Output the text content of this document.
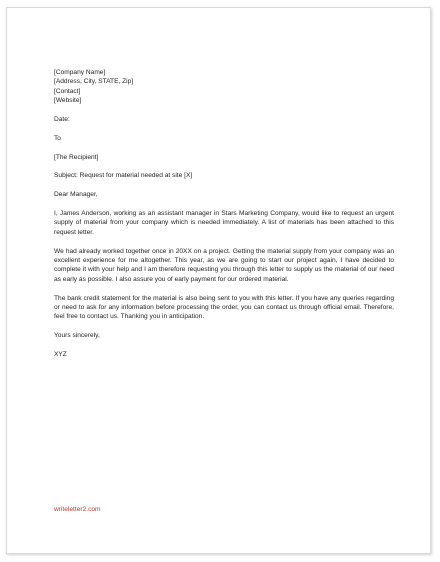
[Company Name]
[Address, City, STATE, Zip]
[Contact]
[Website]
Date:
To
[The Recipient]
Subject: Request for material needed at site [X]
Dear Manager,

I, James Anderson, working as an assistant manager in Stars Marketing Company, would like to request an urgent supply of material from your company which is needed immediately. A list of materials has been attached to this request letter.

We had already worked together once in 20XX on a project. Getting the material supply from your company was an excellent experience for me altogether. This year, as we are going to start our project again, I have decided to complete it with your help and I am therefore requesting you through this letter to supply us the material of our need as early as possible. I also assure you of early payment for our ordered material.

The bank credit statement for the material is also being sent to you with this letter. If you have any queries regarding or need to ask for any information before processing the order, you can contact us through official email. Therefore, feel free to contact us. Thanking you in anticipation.

Yours sincerely,
XYZ
writeletter2.com
